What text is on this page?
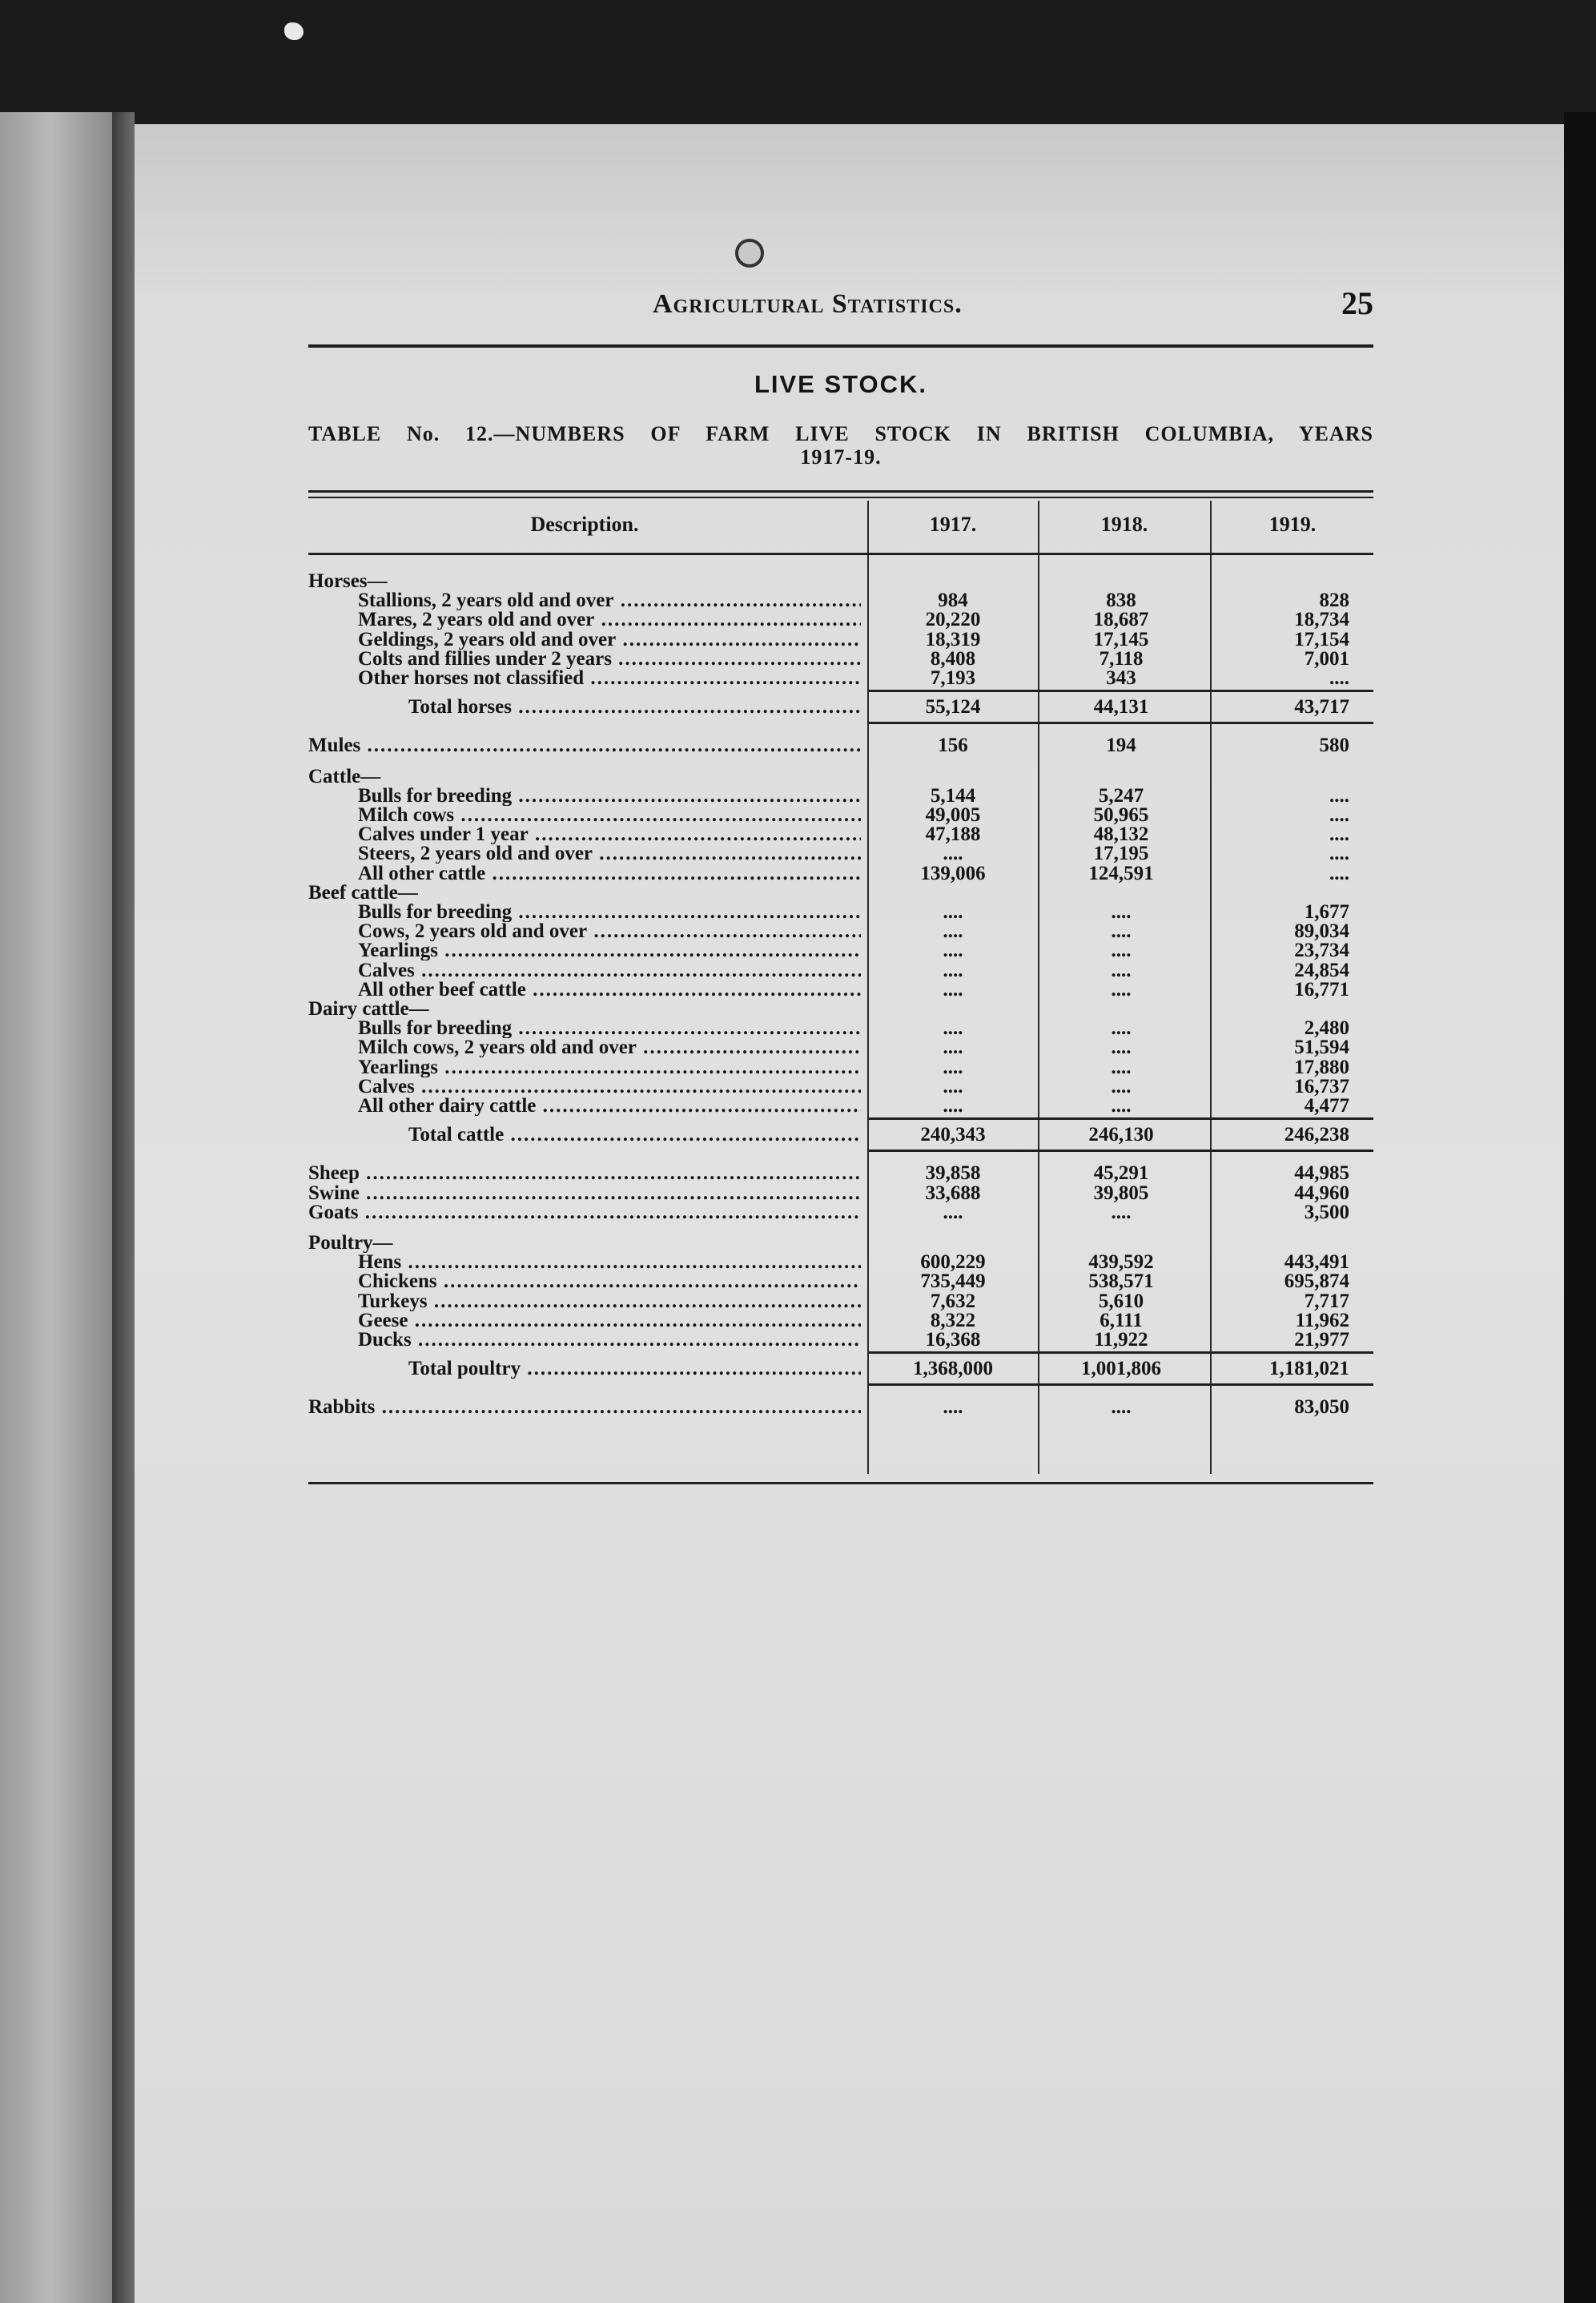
Agricultural Statistics.	25
LIVE STOCK.
TABLE No. 12.—NUMBERS OF FARM LIVE STOCK IN BRITISH COLUMBIA, YEARS
1917-19.
Description.	1917.	1918.	1919.
Horses—
Stallions, 2 years old and over .....	984	838	828
Mares, 2 years old and over .....	20,220	18,687	18,734
Geldings, 2 years old and over .....	18,319	17,145	17,154
Colts and fillies under 2 years .....	8,408	7,118	7,001
Other horses not classified .....	7,193	343	....
Total horses .....	55,124	44,131	43,717
Mules .....	156	194	580
Cattle—
Bulls for breeding .....	5,144	5,247	....
Milch cows .....	49,005	50,965	....
Calves under 1 year .....	47,188	48,132	....
Steers, 2 years old and over .....	....	17,195	....
All other cattle .....	139,006	124,591	....
Beef cattle—
Bulls for breeding .....	....	....	1,677
Cows, 2 years old and over .....	....	....	89,034
Yearlings .....	....	....	23,734
Calves .....	....	....	24,854
All other beef cattle .....	....	....	16,771
Dairy cattle—
Bulls for breeding .....	....	....	2,480
Milch cows, 2 years old and over .....	....	....	51,594
Yearlings .....	....	....	17,880
Calves .....	....	....	16,737
All other dairy cattle .....	....	....	4,477
Total cattle .....	240,343	246,130	246,238
Sheep .....	39,858	45,291	44,985
Swine .....	33,688	39,805	44,960
Goats .....	....	....	3,500
Poultry—
Hens .....	600,229	439,592	443,491
Chickens .....	735,449	538,571	695,874
Turkeys .....	7,632	5,610	7,717
Geese .....	8,322	6,111	11,962
Ducks .....	16,368	11,922	21,977
Total poultry .....	1,368,000	1,001,806	1,181,021
Rabbits .....	....	....	83,050
